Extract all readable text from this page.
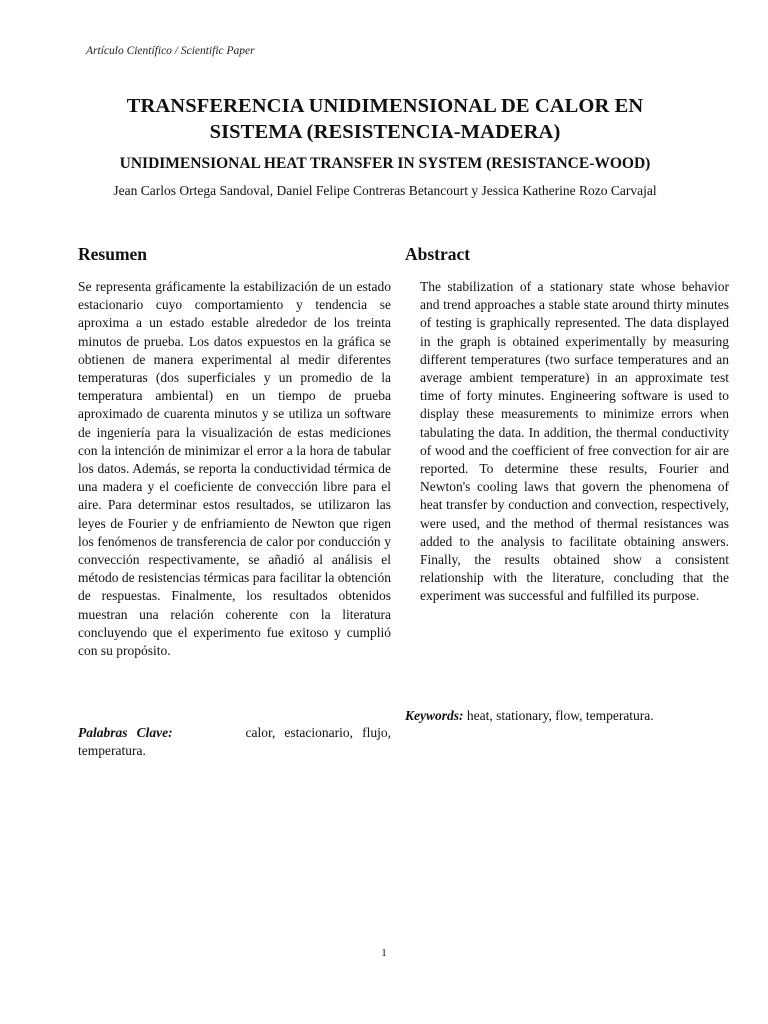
Artículo Científico / Scientific Paper
TRANSFERENCIA UNIDIMENSIONAL DE CALOR EN
SISTEMA (RESISTENCIA-MADERA)
UNIDIMENSIONAL HEAT TRANSFER IN SYSTEM (RESISTANCE-WOOD)
Jean Carlos Ortega Sandoval, Daniel Felipe Contreras Betancourt y Jessica Katherine Rozo Carvajal
Resumen	Abstract

Se representa gráficamente la estabilización de un estado estacionario cuyo comportamiento y tendencia se aproxima a un estado estable alrededor de los treinta minutos de prueba. Los datos expuestos en la gráfica se obtienen de manera experimental al medir diferentes temperaturas (dos superficiales y un promedio de la temperatura ambiental) en un tiempo de prueba aproximado de cuarenta minutos y se utiliza un software de ingeniería para la visualización de estas mediciones con la intención de minimizar el error a la hora de tabular los datos. Además, se reporta la conductividad térmica de una madera y el coeficiente de convección libre para el aire. Para determinar estos resultados, se utilizaron las leyes de Fourier y de enfriamiento de Newton que rigen los fenómenos de transferencia de calor por conducción y convección respectivamente, se añadió al análisis el método de resistencias térmicas para facilitar la obtención de respuestas. Finalmente, los resultados obtenidos muestran una relación coherente con la literatura concluyendo que el experimento fue exitoso y cumplió con su propósito.

The stabilization of a stationary state whose behavior and trend approaches a stable state around thirty minutes of testing is graphically represented. The data displayed in the graph is obtained experimentally by measuring different temperatures (two surface temperatures and an average ambient temperature) in an approximate test time of forty minutes. Engineering software is used to display these measurements to minimize errors when tabulating the data. In addition, the thermal conductivity of wood and the coefficient of free convection for air are reported. To determine these results, Fourier and Newton's cooling laws that govern the phenomena of heat transfer by conduction and convection, respectively, were used, and the method of thermal resistances was added to the analysis to facilitate obtaining answers. Finally, the results obtained show a consistent relationship with the literature, concluding that the experiment was successful and fulfilled its purpose.

Palabras Clave:	calor, estacionario, flujo, temperatura.

Keywords: heat, stationary, flow, temperatura.

1
